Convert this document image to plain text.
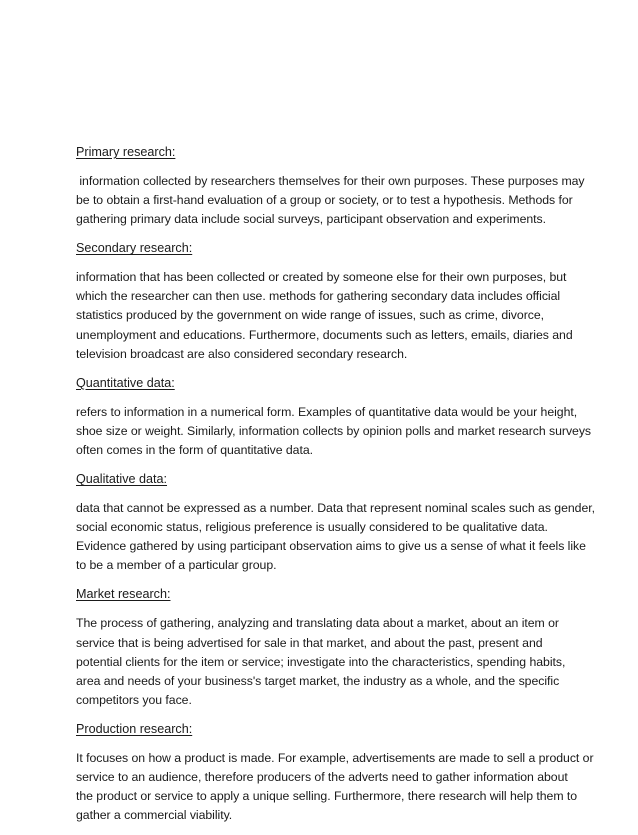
Primary research:
information collected by researchers themselves for their own purposes. These purposes may
be to obtain a first-hand evaluation of a group or society, or to test a hypothesis. Methods for
gathering primary data include social surveys, participant observation and experiments.
Secondary research:
information that has been collected or created by someone else for their own purposes, but
which the researcher can then use. methods for gathering secondary data includes official
statistics produced by the government on wide range of issues, such as crime, divorce,
unemployment and educations. Furthermore, documents such as letters, emails, diaries and
television broadcast are also considered secondary research.
Quantitative data:
refers to information in a numerical form. Examples of quantitative data would be your height,
shoe size or weight. Similarly, information collects by opinion polls and market research surveys
often comes in the form of quantitative data.
Qualitative data:
data that cannot be expressed as a number. Data that represent nominal scales such as gender,
social economic status, religious preference is usually considered to be qualitative data.
Evidence gathered by using participant observation aims to give us a sense of what it feels like
to be a member of a particular group.
Market research:
The process of gathering, analyzing and translating data about a market, about an item or
service that is being advertised for sale in that market, and about the past, present and
potential clients for the item or service; investigate into the characteristics, spending habits,
area and needs of your business's target market, the industry as a whole, and the specific
competitors you face.
Production research:
It focuses on how a product is made. For example, advertisements are made to sell a product or
service to an audience, therefore producers of the adverts need to gather information about
the product or service to apply a unique selling. Furthermore, there research will help them to
gather a commercial viability.
